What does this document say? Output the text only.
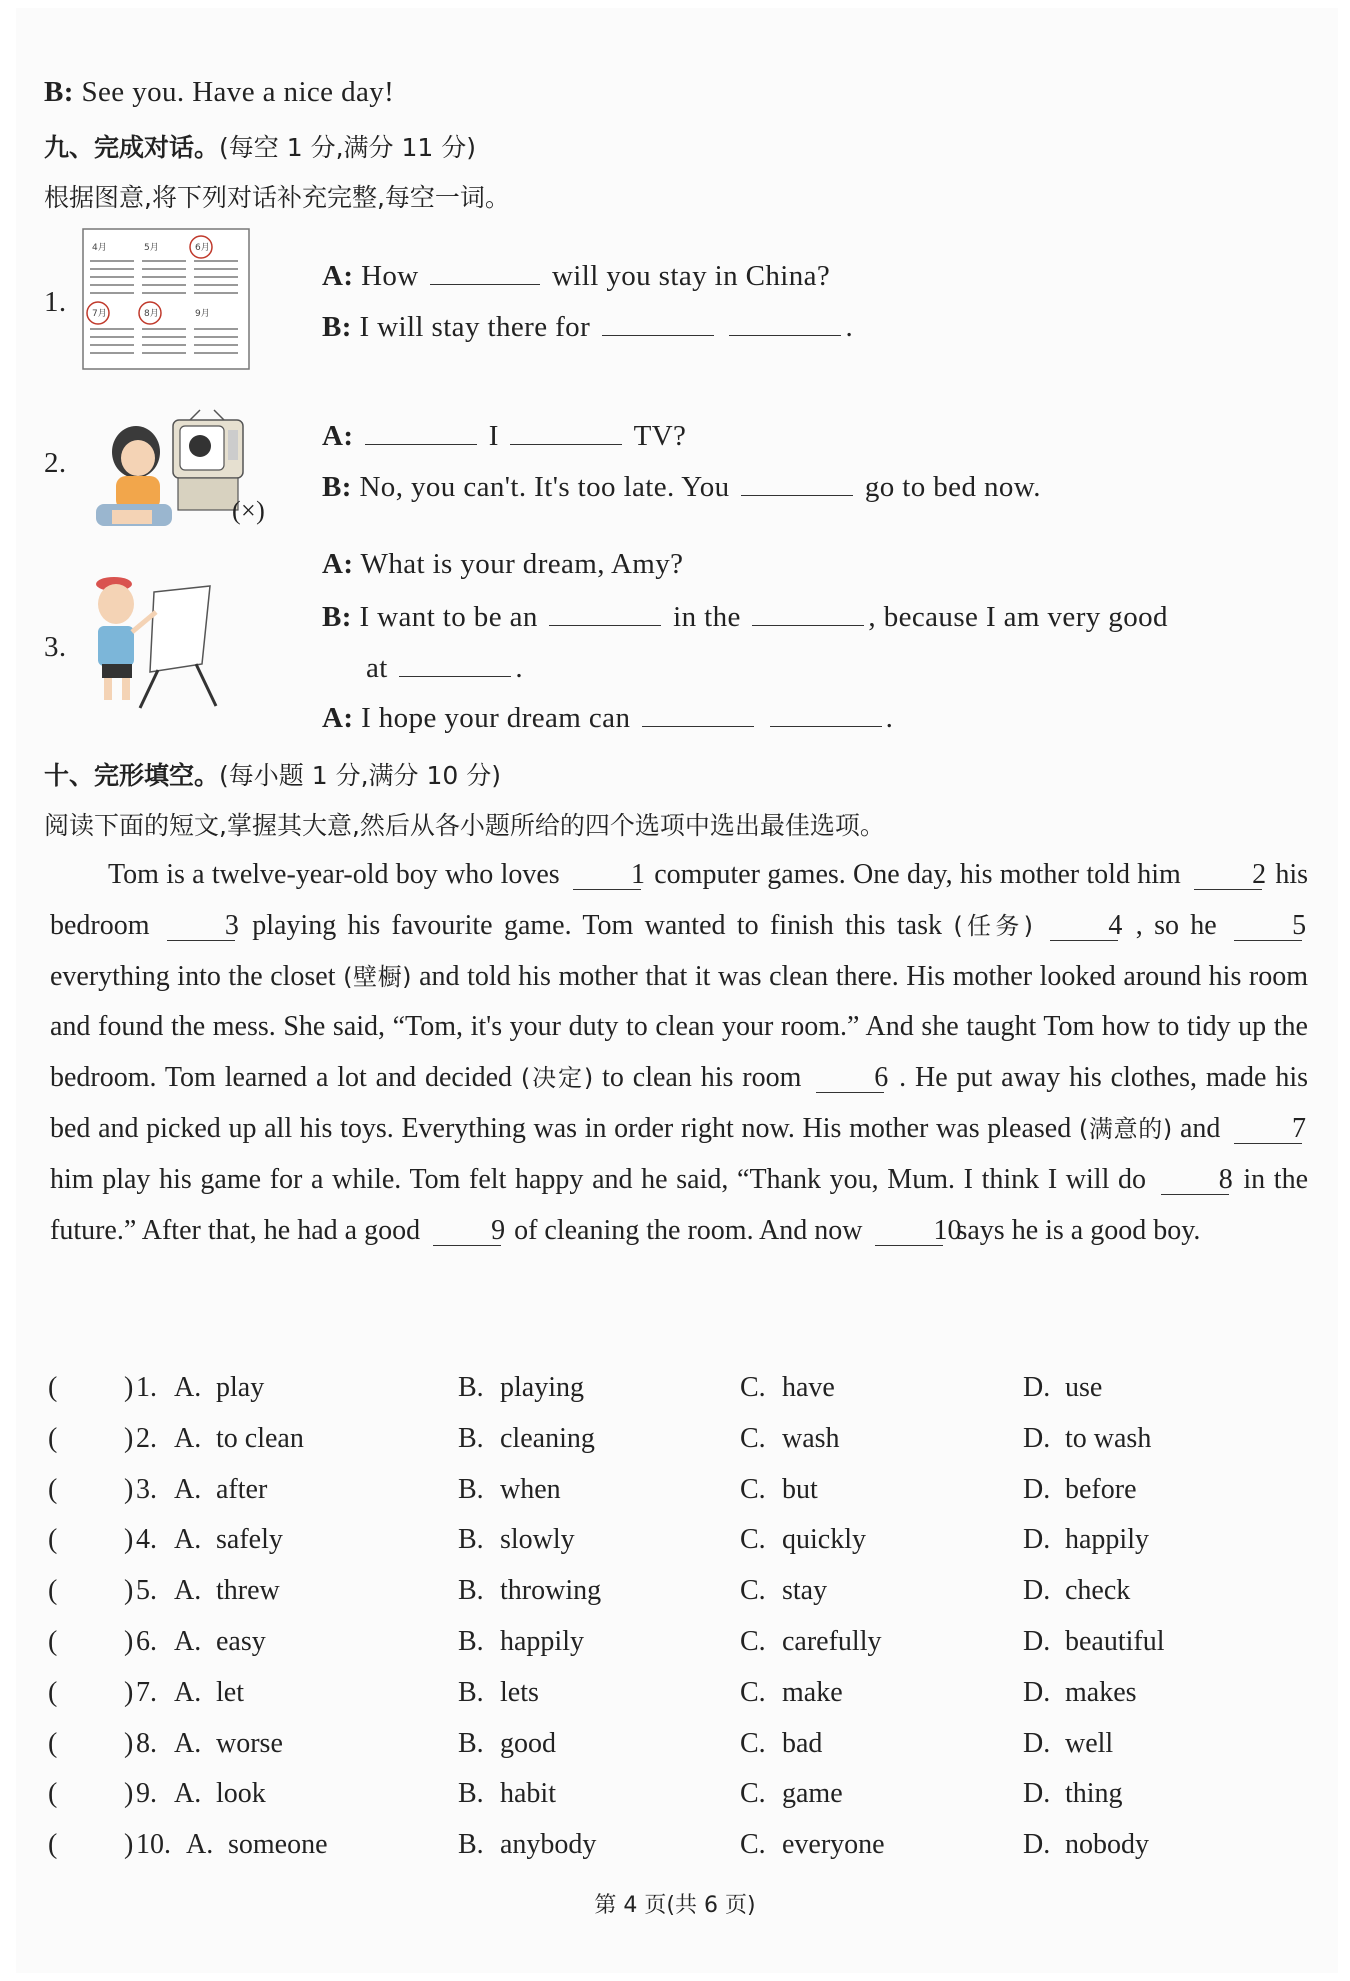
B: See you. Have a nice day!
九、完成对话。(每空 1 分,满分 11 分)
根据图意,将下列对话补充完整,每空一词。
1.
4月	5月	6月
7月	8月	9月
A: How	will you stay in China?
B: I will stay there for	.
2.
(×)
A:	I	TV?
B: No, you can't. It's too late. You	go to bed now.
3.
A: What is your dream, Amy?
B: I want to be an	in the	, because I am very good
at	.
A: I hope your dream can	.
十、完形填空。(每小题 1 分,满分 10 分)
阅读下面的短文,掌握其大意,然后从各小题所给的四个选项中选出最佳选项。
Tom is a twelve-year-old boy who loves	1 computer games. One day, his mother told him	2 his bedroom	3 playing his favourite game. Tom wanted to finish this task (任务)	4 , so he	5 everything into the closet (壁橱) and told his mother that it was clean there. His mother looked around his room and found the mess. She said, “Tom, it's your duty to clean your room.” And she taught Tom how to tidy up the bedroom. Tom learned a lot and decided (决定) to clean his room	6 . He put away his clothes, made his bed and picked up all his toys. Everything was in order right now. His mother was pleased (满意的) and	7 him play his game for a while. Tom felt happy and he said, “Thank you, Mum. I think I will do	8 in the future.” After that, he had a good	9 of cleaning the room. And now	10 says he is a good boy.
( ) 1. A. play	B. playing	C. have	D. use
( ) 2. A. to clean	B. cleaning	C. wash	D. to wash
( ) 3. A. after	B. when	C. but	D. before
( ) 4. A. safely	B. slowly	C. quickly	D. happily
( ) 5. A. threw	B. throwing	C. stay	D. check
( ) 6. A. easy	B. happily	C. carefully	D. beautiful
( ) 7. A. let	B. lets	C. make	D. makes
( ) 8. A. worse	B. good	C. bad	D. well
( ) 9. A. look	B. habit	C. game	D. thing
( ) 10. A. someone	B. anybody	C. everyone	D. nobody
第 4 页(共 6 页)
